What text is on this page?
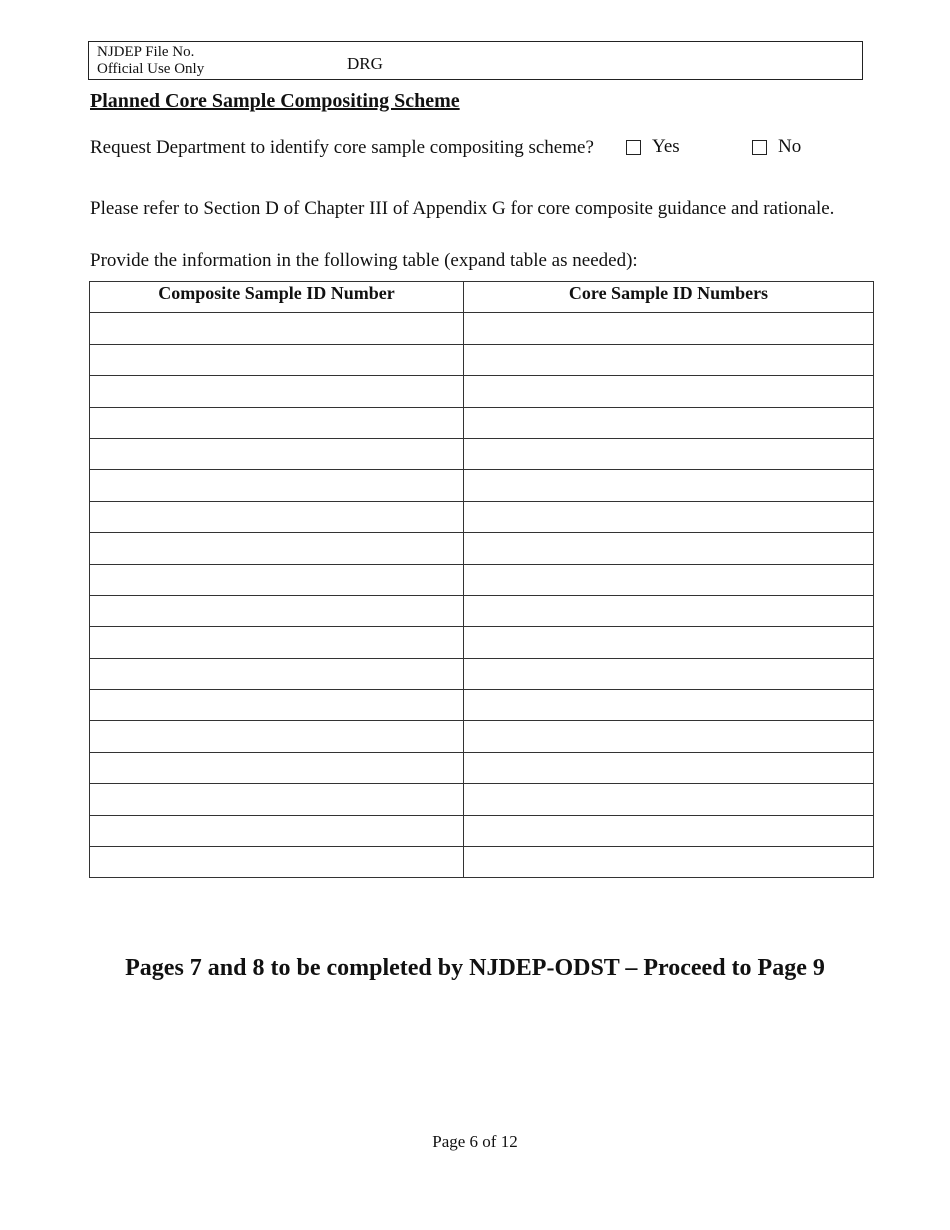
NJDEP File No.
Official Use Only	DRG
Planned Core Sample Compositing Scheme
Request Department to identify core sample compositing scheme?	Yes	No
Please refer to Section D of Chapter III of Appendix G for core composite guidance and rationale.
Provide the information in the following table (expand table as needed):
Composite Sample ID Number	Core Sample ID Numbers

Pages 7 and 8 to be completed by NJDEP-ODST – Proceed to Page 9
Page 6 of 12
